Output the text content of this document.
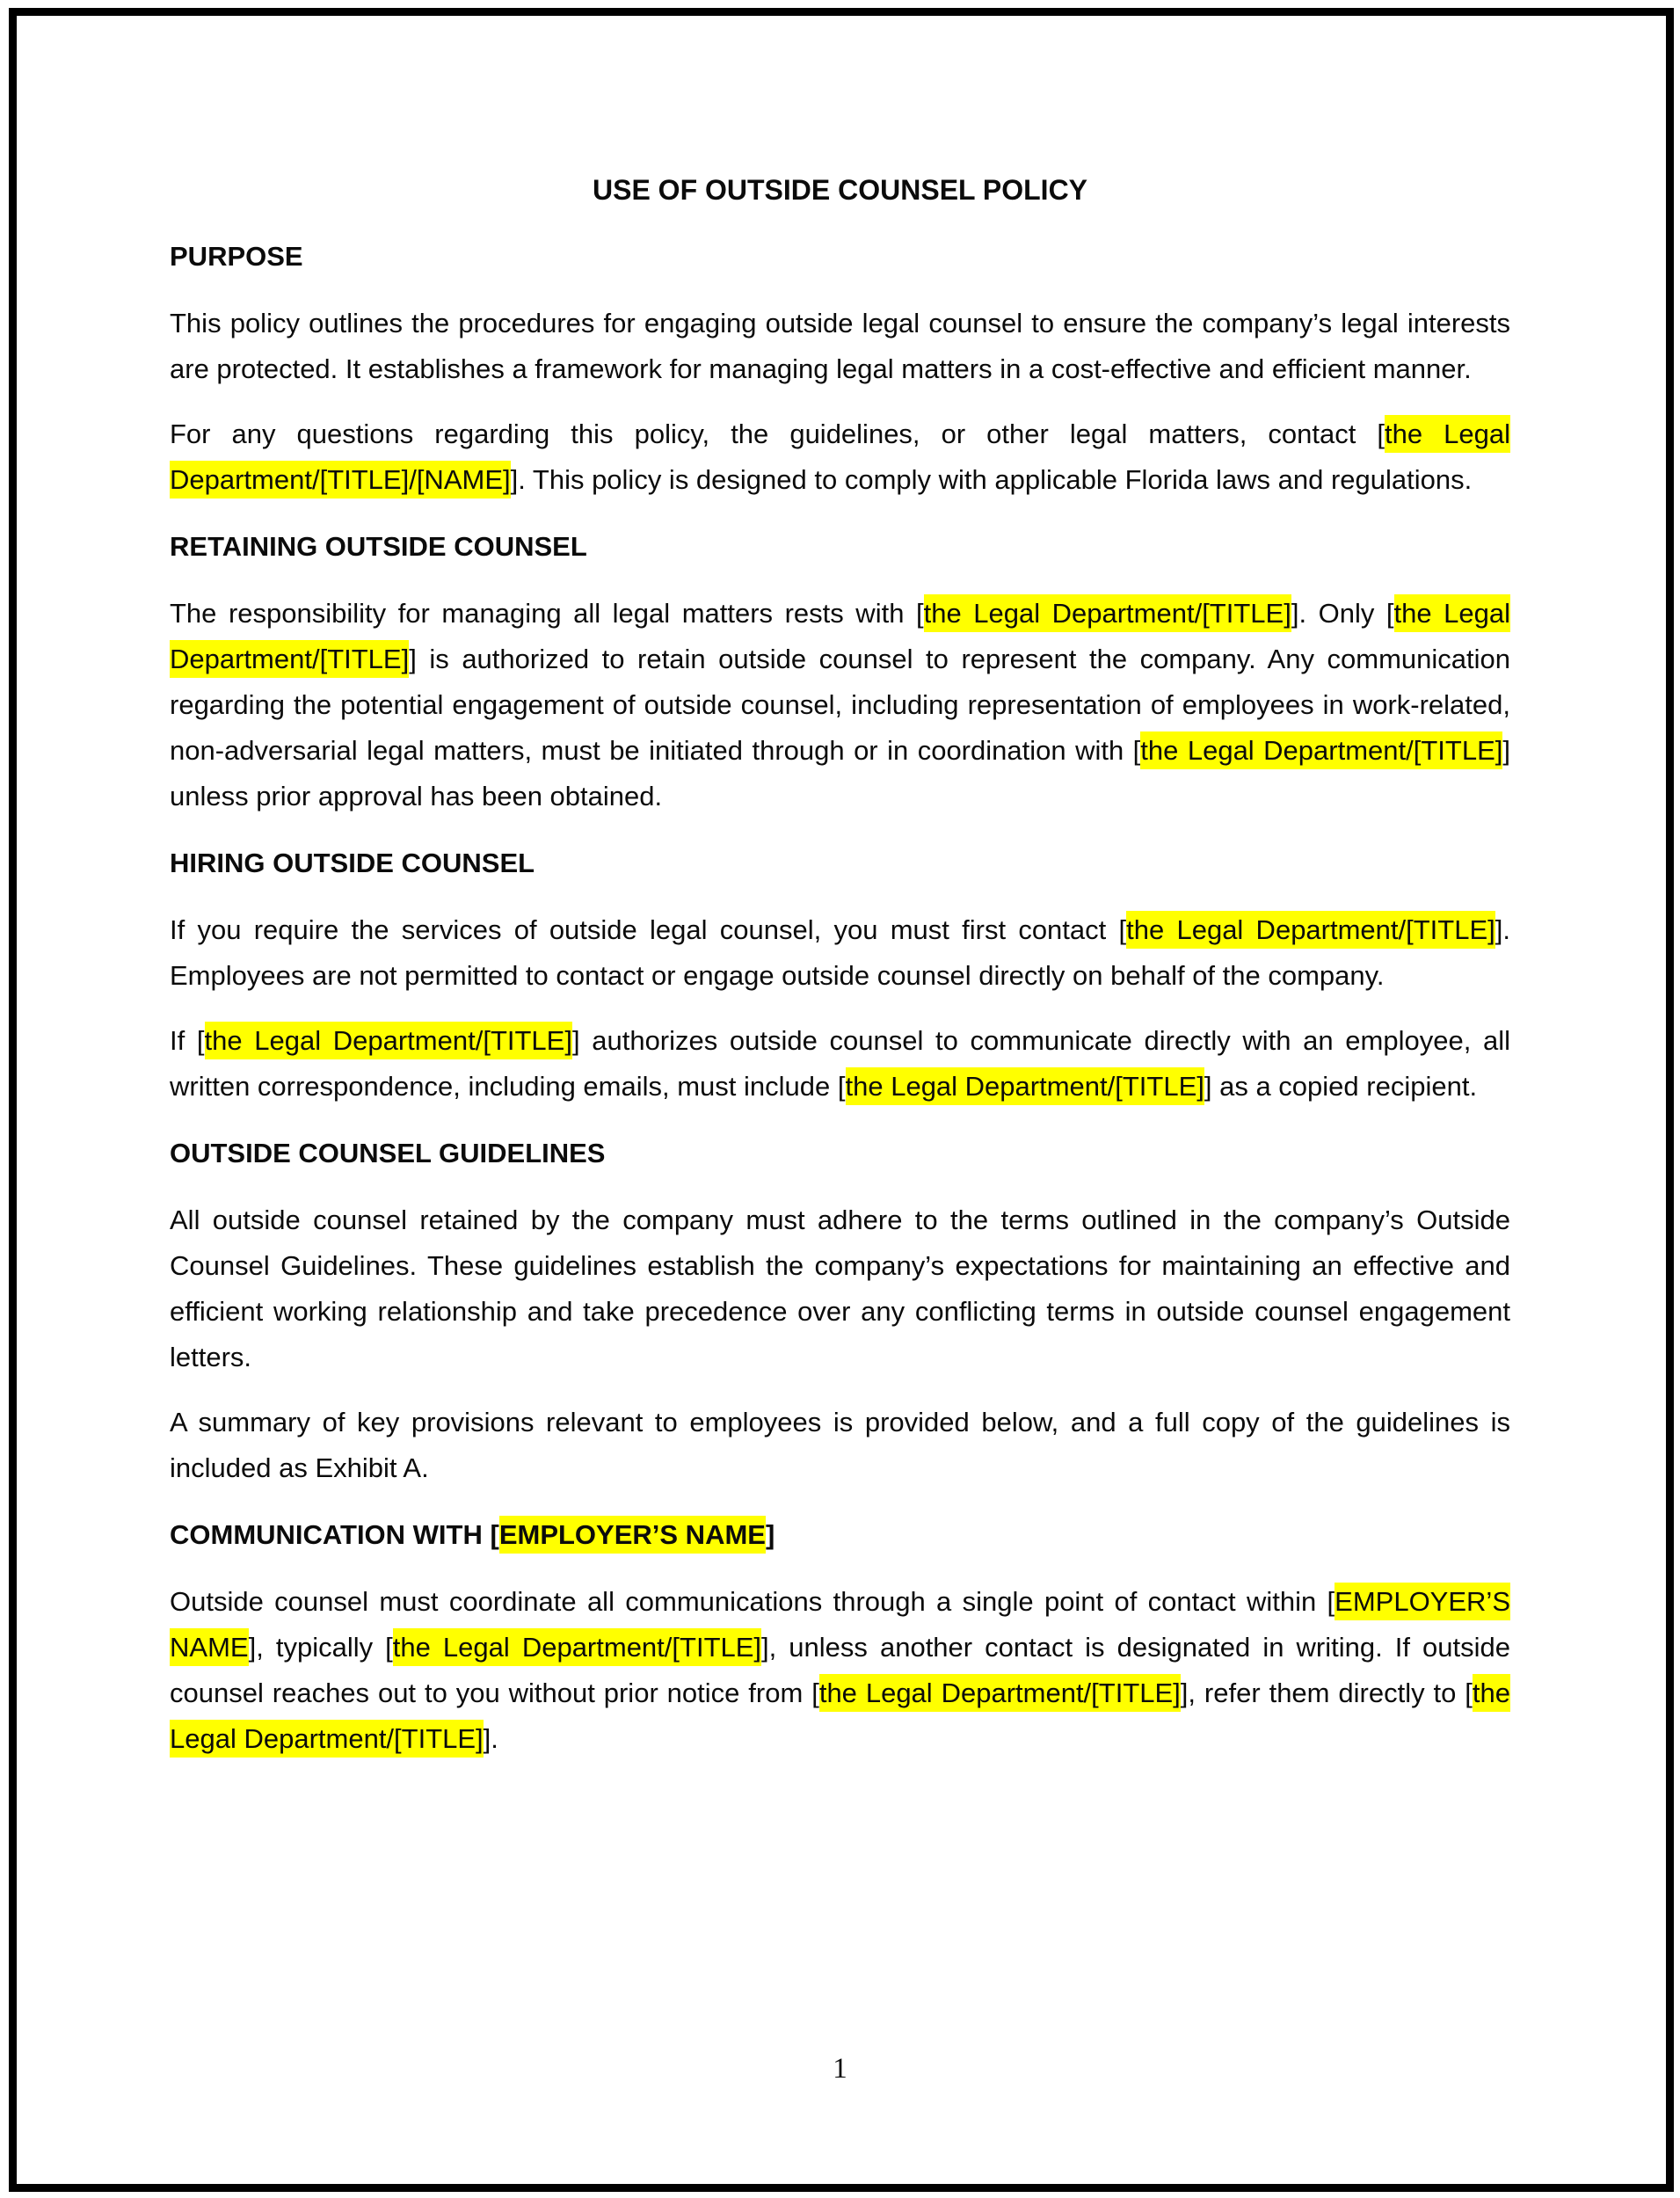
USE OF OUTSIDE COUNSEL POLICY
PURPOSE

This policy outlines the procedures for engaging outside legal counsel to ensure the company’s legal interests are protected. It establishes a framework for managing legal matters in a cost-effective and efficient manner.

For any questions regarding this policy, the guidelines, or other legal matters, contact [the Legal Department/[TITLE]/[NAME]]. This policy is designed to comply with applicable Florida laws and regulations.

RETAINING OUTSIDE COUNSEL

The responsibility for managing all legal matters rests with [the Legal Department/[TITLE]]. Only [the Legal Department/[TITLE]] is authorized to retain outside counsel to represent the company. Any communication regarding the potential engagement of outside counsel, including representation of employees in work-related, non-adversarial legal matters, must be initiated through or in coordination with [the Legal Department/[TITLE]] unless prior approval has been obtained.

HIRING OUTSIDE COUNSEL

If you require the services of outside legal counsel, you must first contact [the Legal Department/[TITLE]]. Employees are not permitted to contact or engage outside counsel directly on behalf of the company.

If [the Legal Department/[TITLE]] authorizes outside counsel to communicate directly with an employee, all written correspondence, including emails, must include [the Legal Department/[TITLE]] as a copied recipient.

OUTSIDE COUNSEL GUIDELINES

All outside counsel retained by the company must adhere to the terms outlined in the company’s Outside Counsel Guidelines. These guidelines establish the company’s expectations for maintaining an effective and efficient working relationship and take precedence over any conflicting terms in outside counsel engagement letters.

A summary of key provisions relevant to employees is provided below, and a full copy of the guidelines is included as Exhibit A.

COMMUNICATION WITH [EMPLOYER’S NAME]

Outside counsel must coordinate all communications through a single point of contact within [EMPLOYER’S NAME], typically [the Legal Department/[TITLE]], unless another contact is designated in writing. If outside counsel reaches out to you without prior notice from [the Legal Department/[TITLE]], refer them directly to [the Legal Department/[TITLE]].

1
